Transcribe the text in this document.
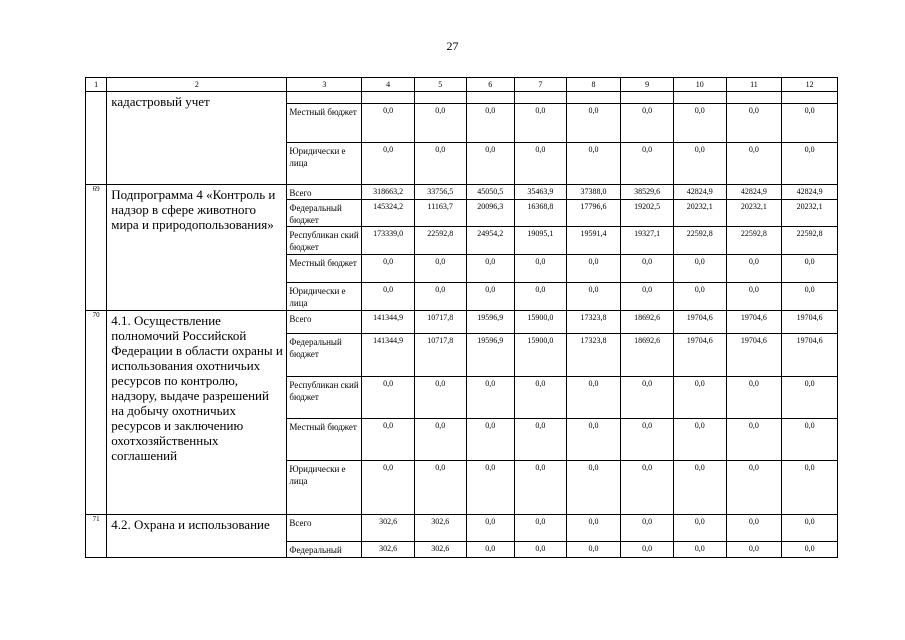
27
1	2	3	4	5	6	7	8	9	10	11	12
	кадастровый учет										
		Местный бюджет	0,0	0,0	0,0	0,0	0,0	0,0	0,0	0,0	0,0
		Юридически е лица	0,0	0,0	0,0	0,0	0,0	0,0	0,0	0,0	0,0
69	Подпрограмма 4 «Контроль и надзор в сфере животного мира и природопользования»	Всего	318663,2	33756,5	45050,5	35463,9	37388,0	38529,6	42824,9	42824,9	42824,9
		Федеральный бюджет	145324,2	11163,7	20096,3	16368,8	17796,6	19202,5	20232,1	20232,1	20232,1
		Республикан ский бюджет	173339,0	22592,8	24954,2	19095,1	19591,4	19327,1	22592,8	22592,8	22592,8
		Местный бюджет	0,0	0,0	0,0	0,0	0,0	0,0	0,0	0,0	0,0
		Юридически е лица	0,0	0,0	0,0	0,0	0,0	0,0	0,0	0,0	0,0
70	4.1. Осуществление полномочий Российской Федерации в области охраны и использования охотничьих ресурсов по контролю, надзору, выдаче разрешений на добычу охотничьих ресурсов и заключению охотхозяйственных соглашений	Всего	141344,9	10717,8	19596,9	15900,0	17323,8	18692,6	19704,6	19704,6	19704,6
		Федеральный бюджет	141344,9	10717,8	19596,9	15900,0	17323,8	18692,6	19704,6	19704,6	19704,6
		Республикан ский бюджет	0,0	0,0	0,0	0,0	0,0	0,0	0,0	0,0	0,0
		Местный бюджет	0,0	0,0	0,0	0,0	0,0	0,0	0,0	0,0	0,0
		Юридически е лица	0,0	0,0	0,0	0,0	0,0	0,0	0,0	0,0	0,0
71	4.2. Охрана и использование	Всего	302,6	302,6	0,0	0,0	0,0	0,0	0,0	0,0	0,0
		Федеральный	302,6	302,6	0,0	0,0	0,0	0,0	0,0	0,0	0,0
